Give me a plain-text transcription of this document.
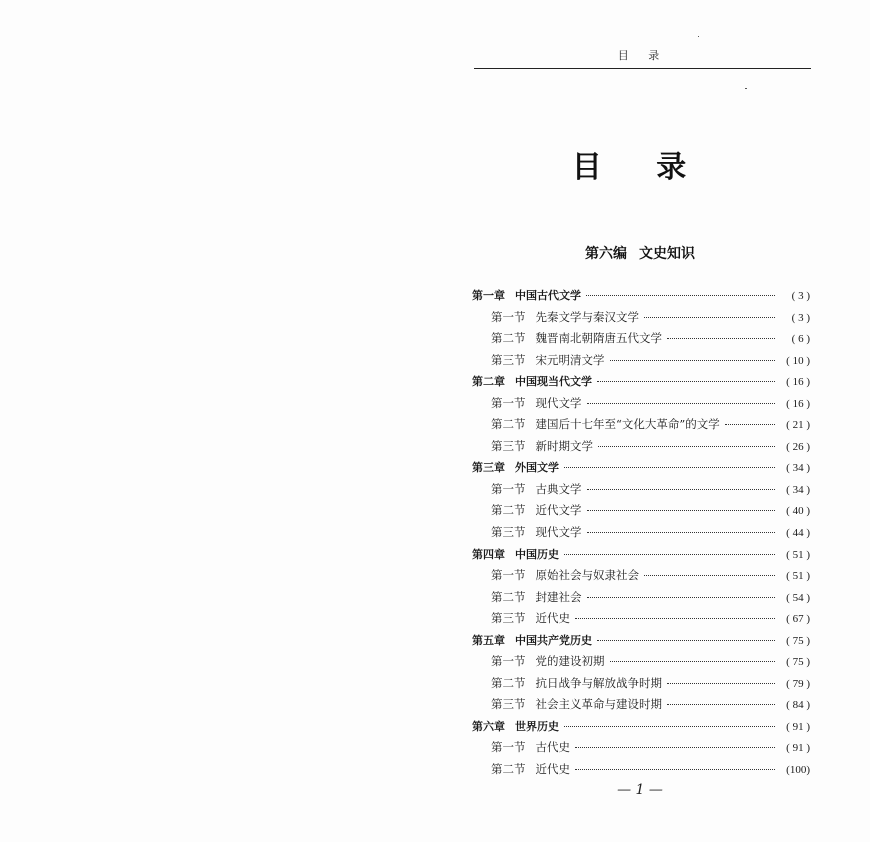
目 录
目 录
第六编 文史知识
第一章 中国古代文学	( 3 )
第一节 先秦文学与秦汉文学	( 3 )
第二节 魏晋南北朝隋唐五代文学	( 6 )
第三节 宋元明清文学	( 10 )
第二章 中国现当代文学	( 16 )
第一节 现代文学	( 16 )
第二节 建国后十七年至“文化大革命”的文学	( 21 )
第三节 新时期文学	( 26 )
第三章 外国文学	( 34 )
第一节 古典文学	( 34 )
第二节 近代文学	( 40 )
第三节 现代文学	( 44 )
第四章 中国历史	( 51 )
第一节 原始社会与奴隶社会	( 51 )
第二节 封建社会	( 54 )
第三节 近代史	( 67 )
第五章 中国共产党历史	( 75 )
第一节 党的建设初期	( 75 )
第二节 抗日战争与解放战争时期	( 79 )
第三节 社会主义革命与建设时期	( 84 )
第六章 世界历史	( 91 )
第一节 古代史	( 91 )
第二节 近代史	(100)
— 1 —
